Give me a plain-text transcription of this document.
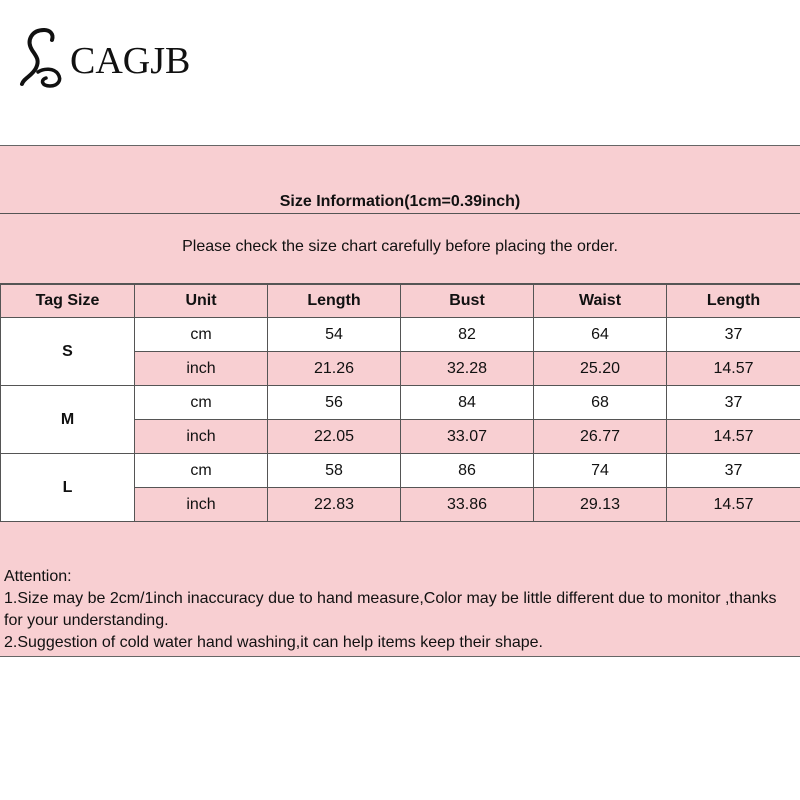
CAGJB
Size Information(1cm=0.39inch)
Please check the size chart carefully before placing the order.
Tag Size	Unit	Length	Bust	Waist	Length
S	cm	54	82	64	37
	inch	21.26	32.28	25.20	14.57
M	cm	56	84	68	37
	inch	22.05	33.07	26.77	14.57
L	cm	58	86	74	37
	inch	22.83	33.86	29.13	14.57
Attention:
1.Size may be 2cm/1inch inaccuracy due to hand measure,Color may be little different due to monitor ,thanks for your understanding.
2.Suggestion of cold water hand washing,it can help items keep their shape.
